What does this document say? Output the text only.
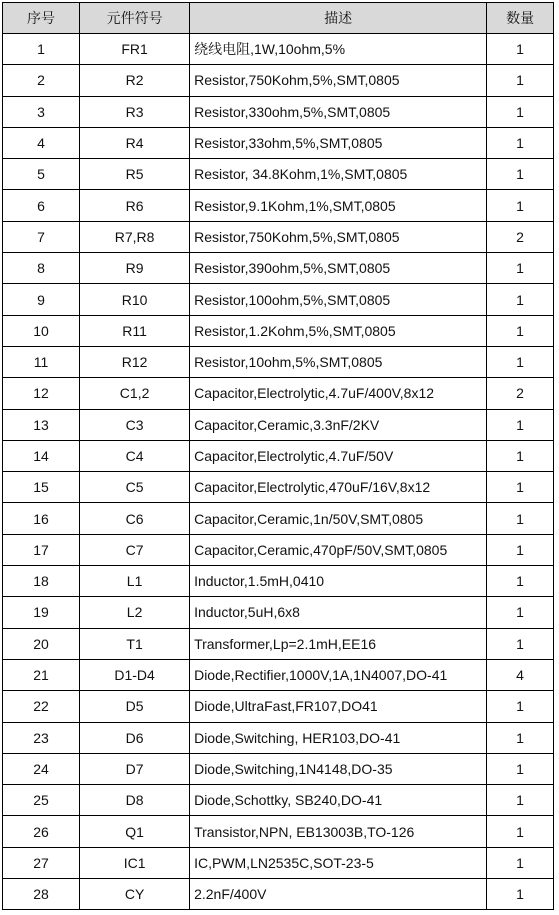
序号	元件符号	描述	数量
1	FR1	绕线电阻,1W,10ohm,5%	1
2	R2	Resistor,750Kohm,5%,SMT,0805	1
3	R3	Resistor,330ohm,5%,SMT,0805	1
4	R4	Resistor,33ohm,5%,SMT,0805	1
5	R5	Resistor, 34.8Kohm,1%,SMT,0805	1
6	R6	Resistor,9.1Kohm,1%,SMT,0805	1
7	R7,R8	Resistor,750Kohm,5%,SMT,0805	2
8	R9	Resistor,390ohm,5%,SMT,0805	1
9	R10	Resistor,100ohm,5%,SMT,0805	1
10	R11	Resistor,1.2Kohm,5%,SMT,0805	1
11	R12	Resistor,10ohm,5%,SMT,0805	1
12	C1,2	Capacitor,Electrolytic,4.7uF/400V,8x12	2
13	C3	Capacitor,Ceramic,3.3nF/2KV	1
14	C4	Capacitor,Electrolytic,4.7uF/50V	1
15	C5	Capacitor,Electrolytic,470uF/16V,8x12	1
16	C6	Capacitor,Ceramic,1n/50V,SMT,0805	1
17	C7	Capacitor,Ceramic,470pF/50V,SMT,0805	1
18	L1	Inductor,1.5mH,0410	1
19	L2	Inductor,5uH,6x8	1
20	T1	Transformer,Lp=2.1mH,EE16	1
21	D1-D4	Diode,Rectifier,1000V,1A,1N4007,DO-41	4
22	D5	Diode,UltraFast,FR107,DO41	1
23	D6	Diode,Switching, HER103,DO-41	1
24	D7	Diode,Switching,1N4148,DO-35	1
25	D8	Diode,Schottky, SB240,DO-41	1
26	Q1	Transistor,NPN, EB13003B,TO-126	1
27	IC1	IC,PWM,LN2535C,SOT-23-5	1
28	CY	2.2nF/400V	1
